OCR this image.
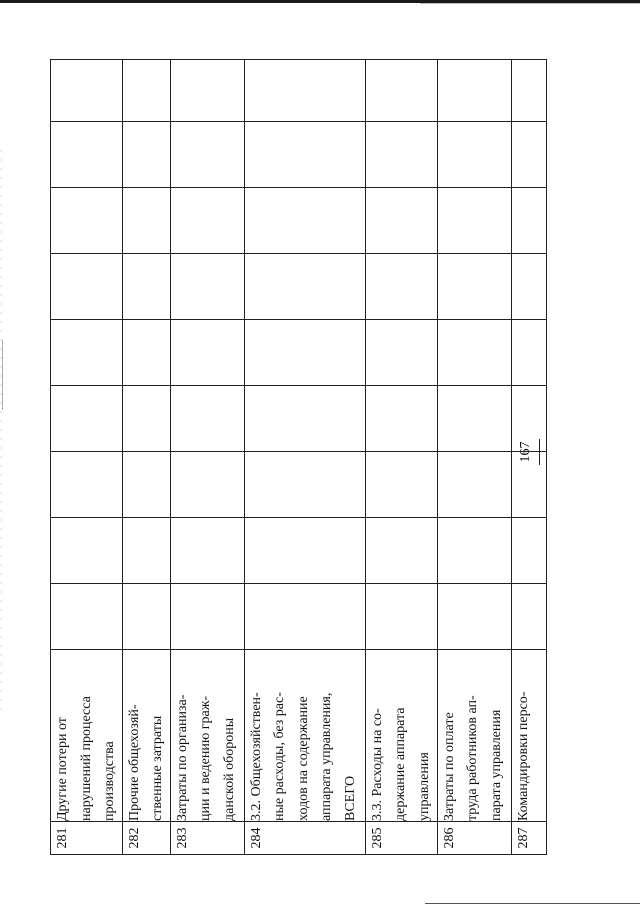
281	Другие потери от нарушений процесса производства									

282	Прочие общехозяй- ственные затраты									

283	Затраты по организа- ции и ведению граж- данской обороны									

284	3.2. Общехозяйствен- ные расходы, без рас- ходов на содержание аппарата управления, ВСЕГО									

285	3.3. Расходы на со- держание аппарата управления									

286	Затраты по оплате труда работников ап- парата управления									

287	Командировки персо-									

167
